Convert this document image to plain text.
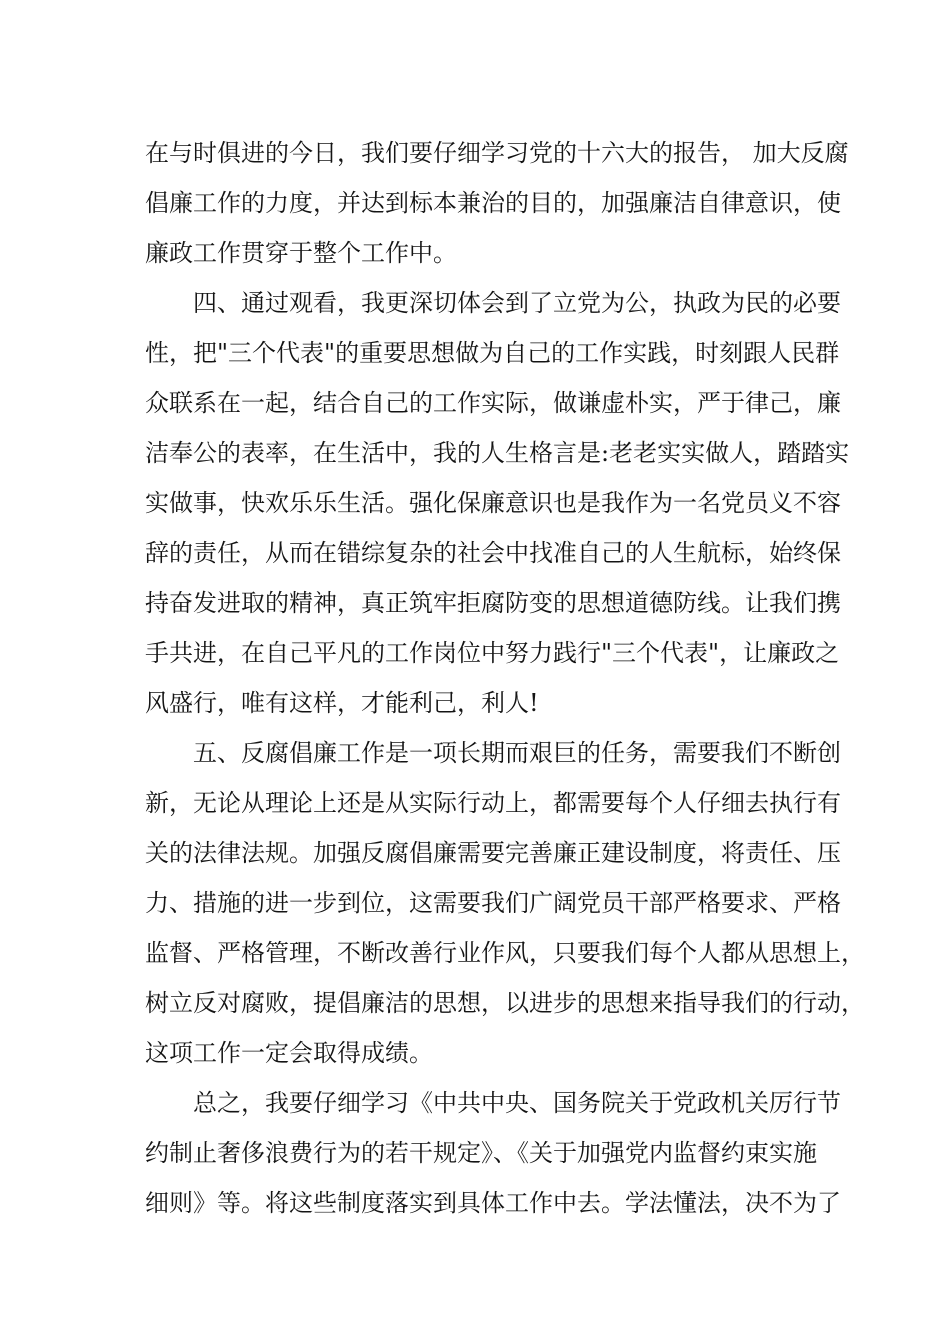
在与时俱进的今日，我们要仔细学习党的十六大的报告， 加大反腐

倡廉工作的力度，并达到标本兼治的目的，加强廉洁自律意识，使

廉政工作贯穿于整个工作中。

四、通过观看，我更深切体会到了立党为公，执政为民的必要

性，把"三个代表"的重要思想做为自己的工作实践，时刻跟人民群

众联系在一起，结合自己的工作实际，做谦虚朴实，严于律己，廉

洁奉公的表率，在生活中，我的人生格言是:老老实实做人，踏踏实

实做事，快欢乐乐生活。强化保廉意识也是我作为一名党员义不容

辞的责任，从而在错综复杂的社会中找准自己的人生航标，始终保

持奋发进取的精神，真正筑牢拒腐防变的思想道德防线。让我们携

手共进，在自己平凡的工作岗位中努力践行"三个代表"，让廉政之

风盛行，唯有这样，才能利己，利人!

五、反腐倡廉工作是一项长期而艰巨的任务，需要我们不断创

新，无论从理论上还是从实际行动上，都需要每个人仔细去执行有

关的法律法规。加强反腐倡廉需要完善廉正建设制度，将责任、压

力、措施的进一步到位，这需要我们广阔党员干部严格要求、严格

监督、严格管理，不断改善行业作风，只要我们每个人都从思想上，

树立反对腐败，提倡廉洁的思想，以进步的思想来指导我们的行动，

这项工作一定会取得成绩。

总之，我要仔细学习《中共中央、国务院关于党政机关厉行节

约制止奢侈浪费行为的若干规定》、《关于加强党内监督约束实施

细则》等。将这些制度落实到具体工作中去。学法懂法，决不为了
